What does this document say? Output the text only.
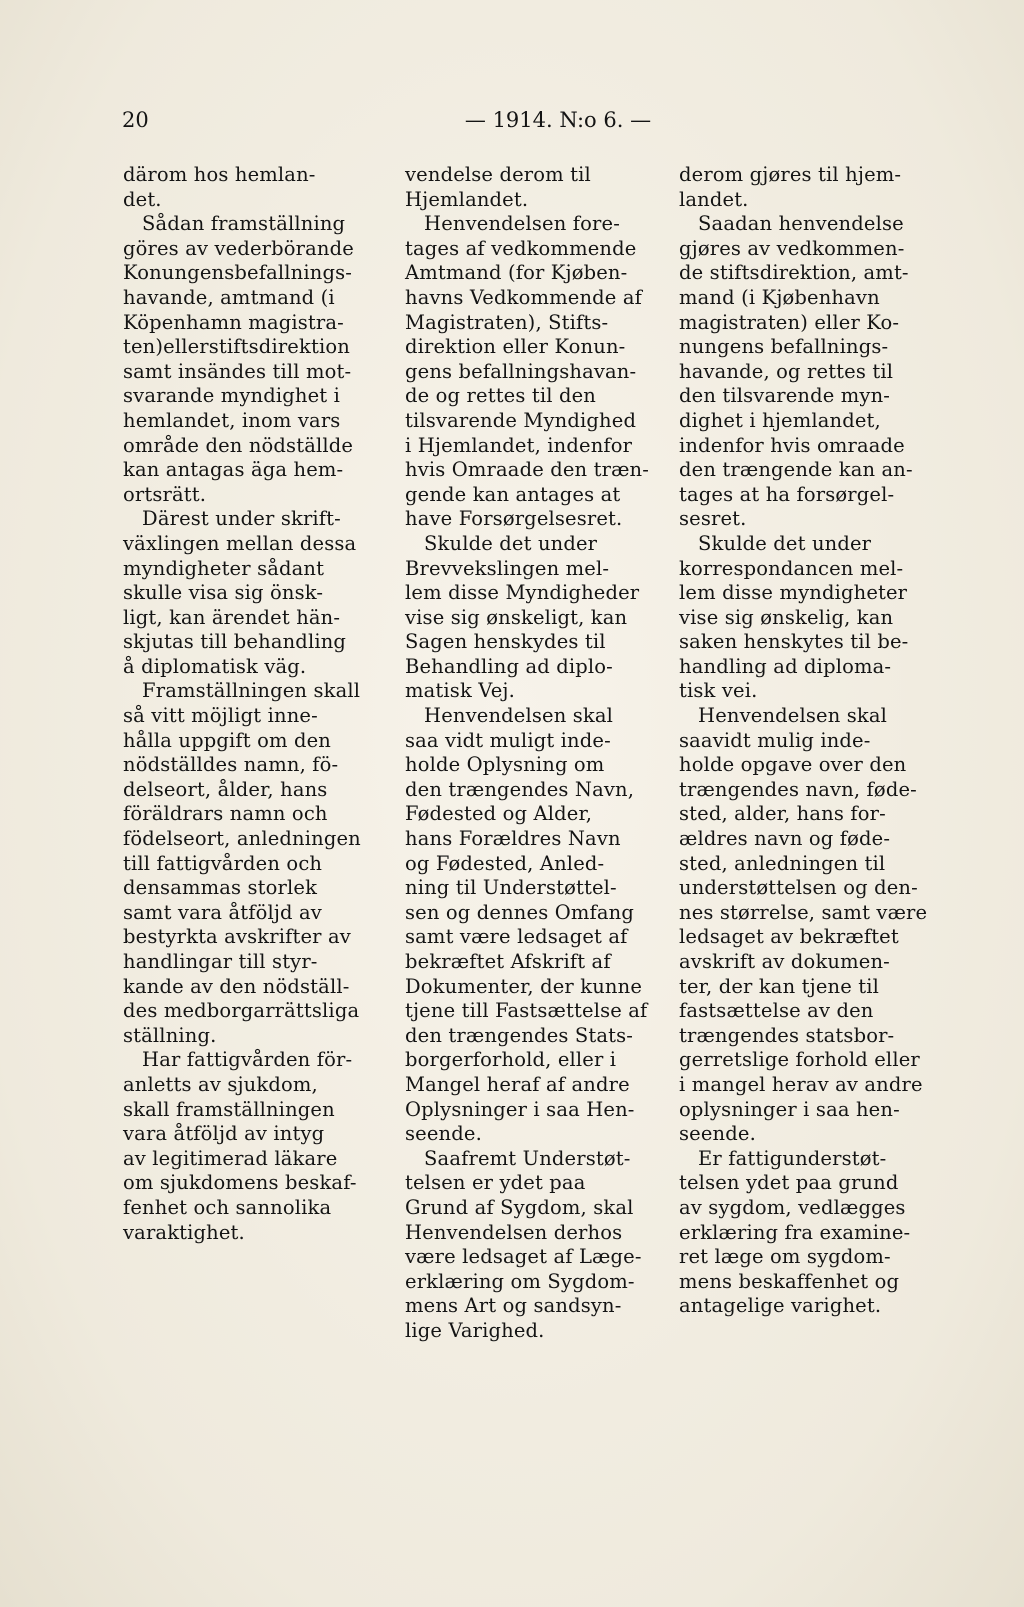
20	— 1914. N:o 6. —
därom hos hemlan-
det.
Sådan framställning
göres av vederbörande
Konungensbefallnings-
havande, amtmand (i
Köpenhamn magistra-
ten)ellerstiftsdirektion
samt insändes till mot-
svarande myndighet i
hemlandet, inom vars
område den nödställde
kan antagas äga hem-
ortsrätt.
Därest under skrift-
växlingen mellan dessa
myndigheter sådant
skulle visa sig önsk-
ligt, kan ärendet hän-
skjutas till behandling
å diplomatisk väg.
Framställningen skall
så vitt möjligt inne-
hålla uppgift om den
nödställdes namn, fö-
delseort, ålder, hans
föräldrars namn och
födelseort, anledningen
till fattigvården och
densammas storlek
samt vara åtföljd av
bestyrkta avskrifter av
handlingar till styr-
kande av den nödställ-
des medborgarrättsliga
ställning.
Har fattigvården för-
anletts av sjukdom,
skall framställningen
vara åtföljd av intyg
av legitimerad läkare
om sjukdomens beskaf-
fenhet och sannolika
varaktighet.
vendelse derom til
Hjemlandet.
Henvendelsen fore-
tages af vedkommende
Amtmand (for Kjøben-
havns Vedkommende af
Magistraten), Stifts-
direktion eller Konun-
gens befallningshavan-
de og rettes til den
tilsvarende Myndighed
i Hjemlandet, indenfor
hvis Omraade den træn-
gende kan antages at
have Forsørgelsesret.
Skulde det under
Brevvekslingen mel-
lem disse Myndigheder
vise sig ønskeligt, kan
Sagen henskydes til
Behandling ad diplo-
matisk Vej.
Henvendelsen skal
saa vidt muligt inde-
holde Oplysning om
den trængendes Navn,
Fødested og Alder,
hans Forældres Navn
og Fødested, Anled-
ning til Understøttel-
sen og dennes Omfang
samt være ledsaget af
bekræftet Afskrift af
Dokumenter, der kunne
tjene till Fastsættelse af
den trængendes Stats-
borgerforhold, eller i
Mangel heraf af andre
Oplysninger i saa Hen-
seende.
Saafremt Understøt-
telsen er ydet paa
Grund af Sygdom, skal
Henvendelsen derhos
være ledsaget af Læge-
erklæring om Sygdom-
mens Art og sandsyn-
lige Varighed.
derom gjøres til hjem-
landet.
Saadan henvendelse
gjøres av vedkommen-
de stiftsdirektion, amt-
mand (i Kjøbenhavn
magistraten) eller Ko-
nungens befallnings-
havande, og rettes til
den tilsvarende myn-
dighet i hjemlandet,
indenfor hvis omraade
den trængende kan an-
tages at ha forsørgel-
sesret.
Skulde det under
korrespondancen mel-
lem disse myndigheter
vise sig ønskelig, kan
saken henskytes til be-
handling ad diploma-
tisk vei.
Henvendelsen skal
saavidt mulig inde-
holde opgave over den
trængendes navn, føde-
sted, alder, hans for-
ældres navn og føde-
sted, anledningen til
understøttelsen og den-
nes størrelse, samt være
ledsaget av bekræftet
avskrift av dokumen-
ter, der kan tjene til
fastsættelse av den
trængendes statsbor-
gerretslige forhold eller
i mangel herav av andre
oplysninger i saa hen-
seende.
Er fattigunderstøt-
telsen ydet paa grund
av sygdom, vedlægges
erklæring fra examine-
ret læge om sygdom-
mens beskaffenhet og
antagelige varighet.
